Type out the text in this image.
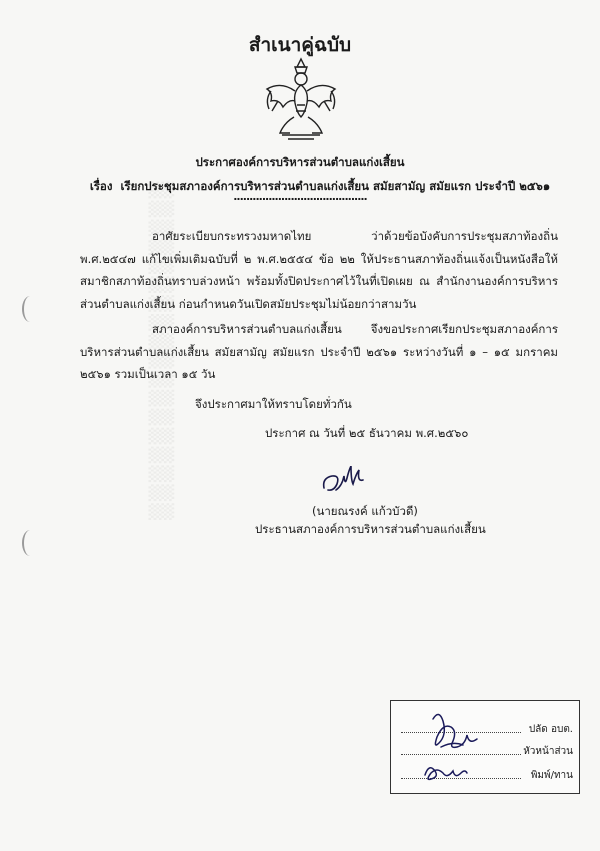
▒▒▒▒▒▒▒▒▒▒▒▒▒▒▒▒▒▒
สำเนาคู่ฉบับ
ประกาศองค์การบริหารส่วนตำบลแก่งเสี้ยน
เรื่อง เรียกประชุมสภาองค์การบริหารส่วนตำบลแก่งเสี้ยน สมัยสามัญ สมัยแรก ประจำปี ๒๕๖๑
..........................................
อาศัยระเบียบกระทรวงมหาดไทย ว่าด้วยข้อบังคับการประชุมสภาท้องถิ่น พ.ศ.๒๕๔๗ แก้ไขเพิ่มเติมฉบับที่ ๒ พ.ศ.๒๕๕๔ ข้อ ๒๒ ให้ประธานสภาท้องถิ่นแจ้งเป็นหนังสือให้สมาชิกสภาท้องถิ่นทราบล่วงหน้า พร้อมทั้งปิดประกาศไว้ในที่เปิดเผย ณ สำนักงานองค์การบริหารส่วนตำบลแก่งเสี้ยน ก่อนกำหนดวันเปิดสมัยประชุมไม่น้อยกว่าสามวัน
สภาองค์การบริหารส่วนตำบลแก่งเสี้ยน จึงขอประกาศเรียกประชุมสภาองค์การบริหารส่วนตำบลแก่งเสี้ยน สมัยสามัญ สมัยแรก ประจำปี ๒๕๖๑ ระหว่างวันที่ ๑ – ๑๕ มกราคม ๒๕๖๑ รวมเป็นเวลา ๑๕ วัน
จึงประกาศมาให้ทราบโดยทั่วกัน
ประกาศ ณ วันที่ ๒๕ ธันวาคม พ.ศ.๒๕๖๐
(นายณรงค์ แก้วบัวดี)
ประธานสภาองค์การบริหารส่วนตำบลแก่งเสี้ยน
ปลัด อบต.
หัวหน้าส่วน
พิมพ์/ทาน
